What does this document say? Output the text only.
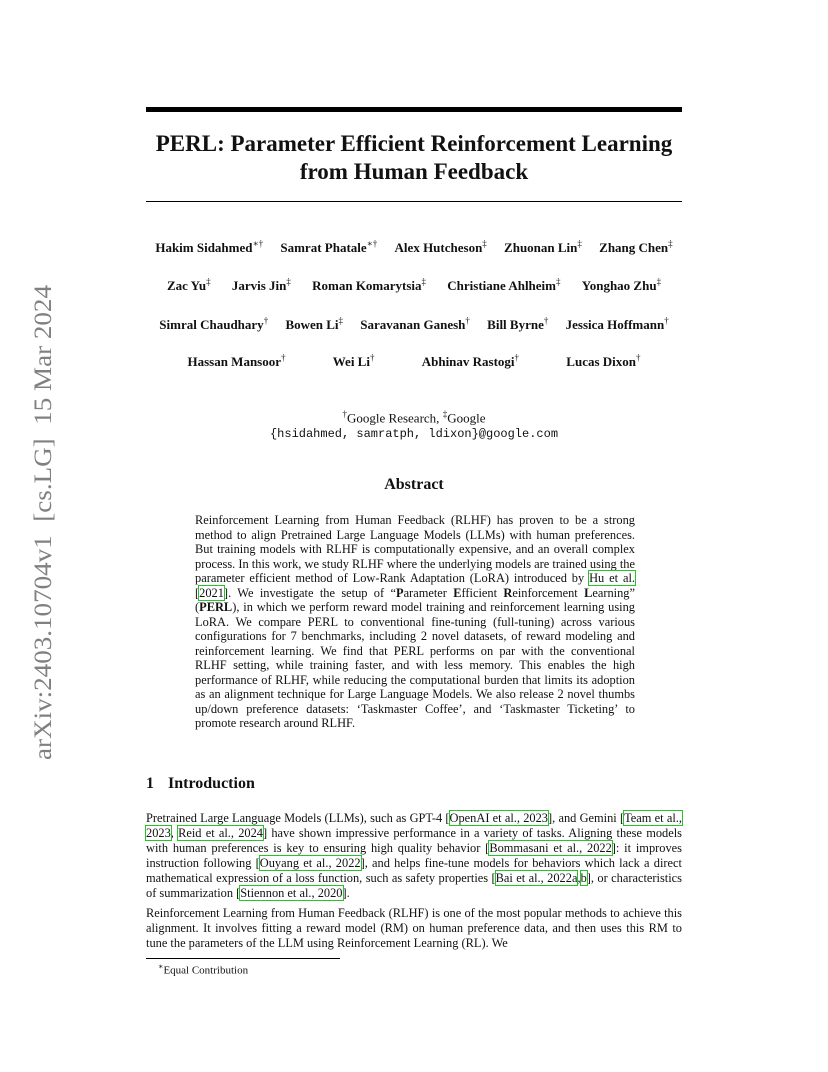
arXiv:2403.10704v1  [cs.LG]  15 Mar 2024
PERL: Parameter Efficient Reinforcement Learning from Human Feedback
Hakim Sidahmed∗† Samrat Phatale∗† Alex Hutcheson‡ Zhuonan Lin‡ Zhang Chen‡
Zac Yu‡ Jarvis Jin‡ Roman Komarytsia‡ Christiane Ahlheim‡ Yonghao Zhu‡
Simral Chaudhary† Bowen Li‡ Saravanan Ganesh† Bill Byrne† Jessica Hoffmann†
Hassan Mansoor†	Wei Li†	Abhinav Rastogi†	Lucas Dixon†
†Google Research, ‡Google
{hsidahmed, samratph, ldixon}@google.com
Abstract
Reinforcement Learning from Human Feedback (RLHF) has proven to be a strong method to align Pretrained Large Language Models (LLMs) with human preferences. But training models with RLHF is computationally expensive, and an overall complex process. In this work, we study RLHF where the underlying models are trained using the parameter efficient method of Low-Rank Adaptation (LoRA) introduced by Hu et al. [2021]. We investigate the setup of “Parameter Efficient Reinforcement Learning” (PERL), in which we perform reward model training and reinforcement learning using LoRA. We compare PERL to conventional fine-tuning (full-tuning) across various configurations for 7 benchmarks, including 2 novel datasets, of reward modeling and reinforcement learning. We find that PERL performs on par with the conventional RLHF setting, while training faster, and with less memory. This enables the high performance of RLHF, while reducing the computational burden that limits its adoption as an alignment technique for Large Language Models. We also release 2 novel thumbs up/down preference datasets: ‘Taskmaster Coffee’, and ‘Taskmaster Ticketing’ to promote research around RLHF.
1 Introduction
Pretrained Large Language Models (LLMs), such as GPT-4 [OpenAI et al., 2023], and Gemini [Team et al., 2023, Reid et al., 2024] have shown impressive performance in a variety of tasks. Aligning these models with human preferences is key to ensuring high quality behavior [Bommasani et al., 2022]: it improves instruction following [Ouyang et al., 2022], and helps fine-tune models for behaviors which lack a direct mathematical expression of a loss function, such as safety properties [Bai et al., 2022a,b], or characteristics of summarization [Stiennon et al., 2020].
Reinforcement Learning from Human Feedback (RLHF) is one of the most popular methods to achieve this alignment. It involves fitting a reward model (RM) on human preference data, and then uses this RM to tune the parameters of the LLM using Reinforcement Learning (RL). We
∗Equal Contribution
